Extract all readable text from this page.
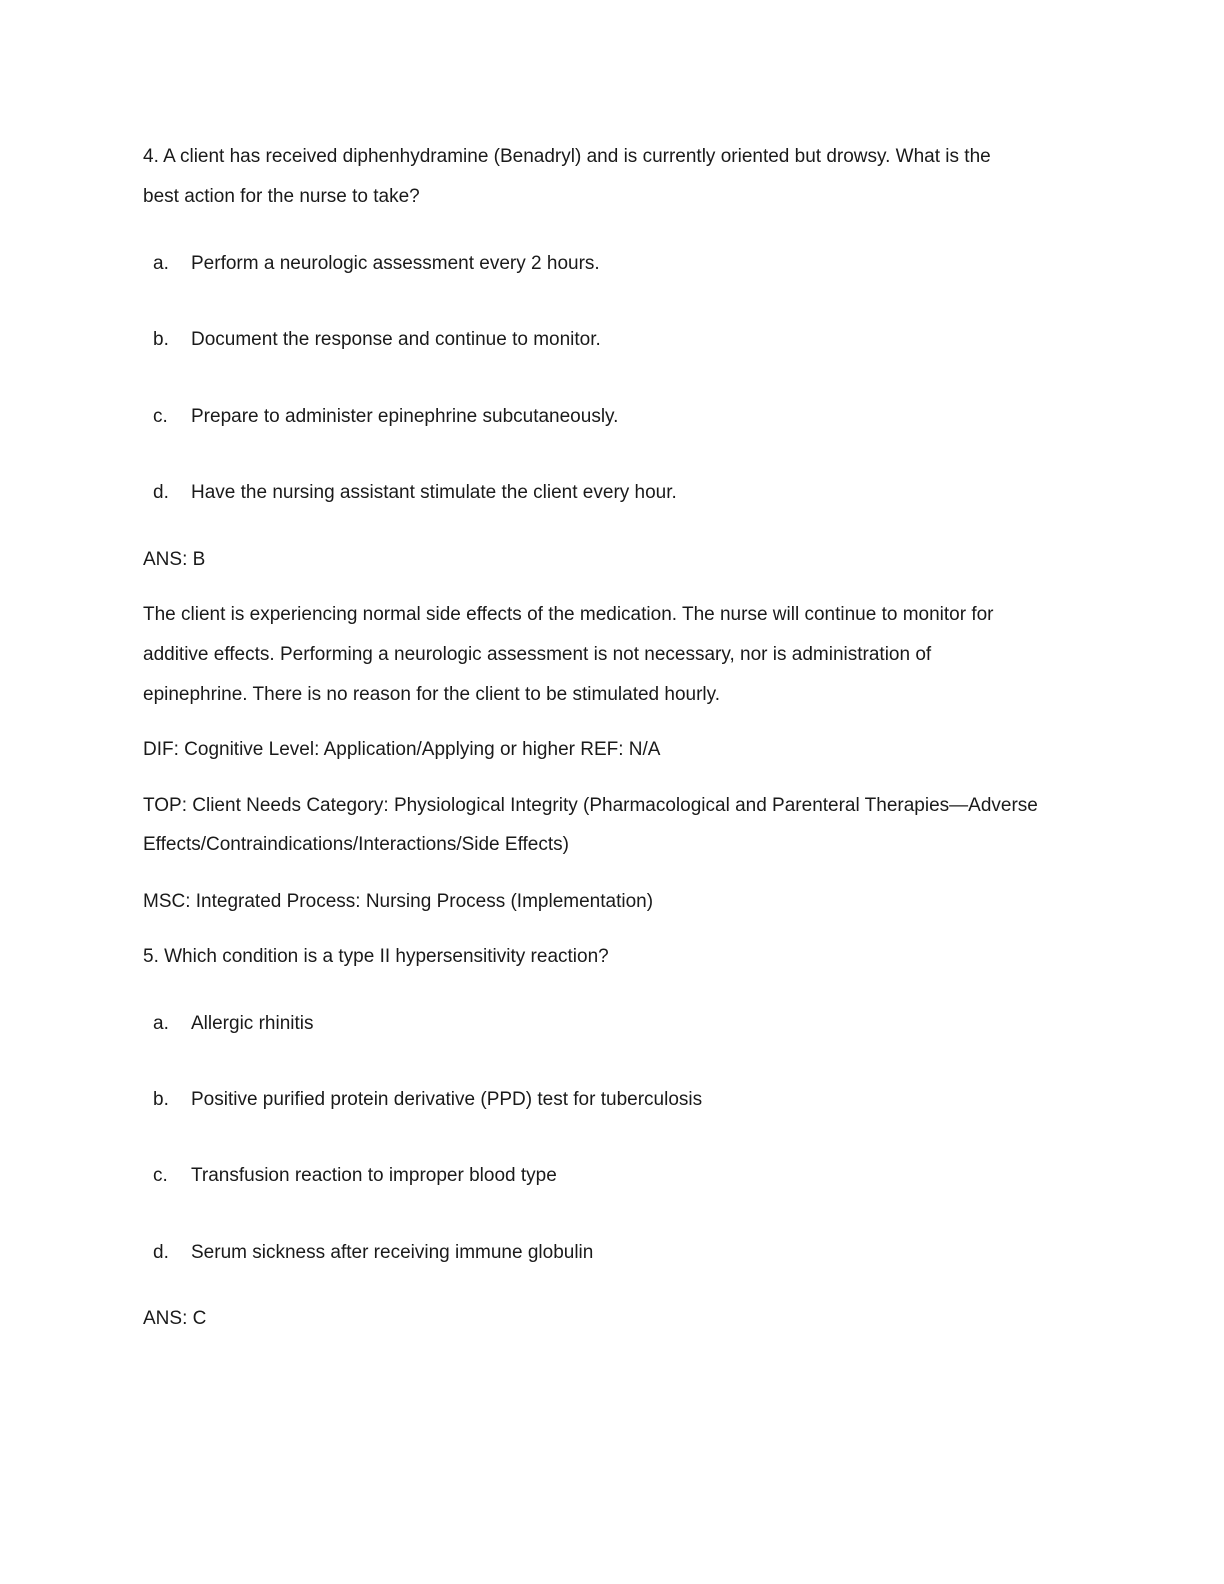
4. A client has received diphenhydramine (Benadryl) and is currently oriented but drowsy. What is the
best action for the nurse to take?
a. Perform a neurologic assessment every 2 hours.
b. Document the response and continue to monitor.
c. Prepare to administer epinephrine subcutaneously.
d. Have the nursing assistant stimulate the client every hour.
ANS: B
The client is experiencing normal side effects of the medication. The nurse will continue to monitor for
additive effects. Performing a neurologic assessment is not necessary, nor is administration of
epinephrine. There is no reason for the client to be stimulated hourly.
DIF: Cognitive Level: Application/Applying or higher REF: N/A
TOP: Client Needs Category: Physiological Integrity (Pharmacological and Parenteral Therapies—Adverse
Effects/Contraindications/Interactions/Side Effects)
MSC: Integrated Process: Nursing Process (Implementation)
5. Which condition is a type II hypersensitivity reaction?
a. Allergic rhinitis
b. Positive purified protein derivative (PPD) test for tuberculosis
c. Transfusion reaction to improper blood type
d. Serum sickness after receiving immune globulin
ANS: C
